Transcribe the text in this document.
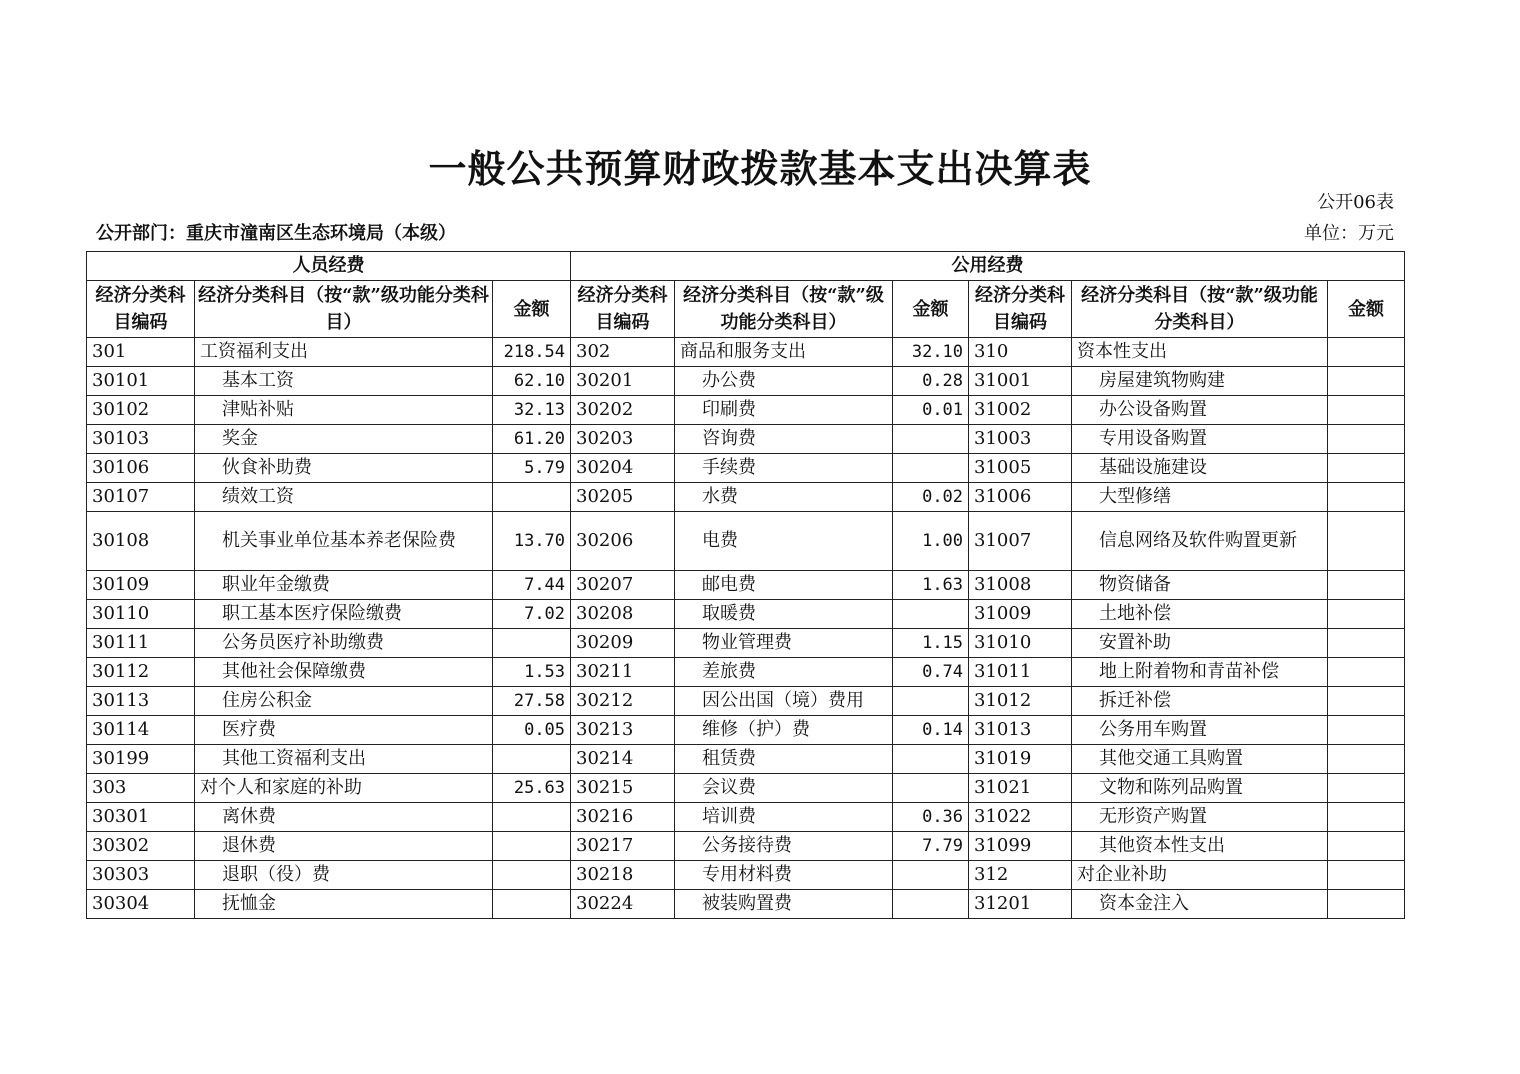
一般公共预算财政拨款基本支出决算表
公开06表
公开部门：重庆市潼南区生态环境局（本级）	单位：万元
人员经费			公用经费					
经济分类科目编码	经济分类科目（按“款”级功能分类科目）	金额	经济分类科目编码	经济分类科目（按“款”级功能分类科目）	金额	经济分类科目编码	经济分类科目（按“款”级功能分类科目）	金额
301	工资福利支出	218.54	302	商品和服务支出	32.10	310	资本性支出	
30101	基本工资	62.10	30201	办公费	0.28	31001	房屋建筑物购建	
30102	津贴补贴	32.13	30202	印刷费	0.01	31002	办公设备购置	
30103	奖金	61.20	30203	咨询费		31003	专用设备购置	
30106	伙食补助费	5.79	30204	手续费		31005	基础设施建设	
30107	绩效工资		30205	水费	0.02	31006	大型修缮	
30108	机关事业单位基本养老保险费	13.70	30206	电费	1.00	31007	信息网络及软件购置更新	
30109	职业年金缴费	7.44	30207	邮电费	1.63	31008	物资储备	
30110	职工基本医疗保险缴费	7.02	30208	取暖费		31009	土地补偿	
30111	公务员医疗补助缴费		30209	物业管理费	1.15	31010	安置补助	
30112	其他社会保障缴费	1.53	30211	差旅费	0.74	31011	地上附着物和青苗补偿	
30113	住房公积金	27.58	30212	因公出国（境）费用		31012	拆迁补偿	
30114	医疗费	0.05	30213	维修（护）费	0.14	31013	公务用车购置	
30199	其他工资福利支出		30214	租赁费		31019	其他交通工具购置	
303	对个人和家庭的补助	25.63	30215	会议费		31021	文物和陈列品购置	
30301	离休费		30216	培训费	0.36	31022	无形资产购置	
30302	退休费		30217	公务接待费	7.79	31099	其他资本性支出	
30303	退职（役）费		30218	专用材料费		312	对企业补助	
30304	抚恤金		30224	被装购置费		31201	资本金注入	
